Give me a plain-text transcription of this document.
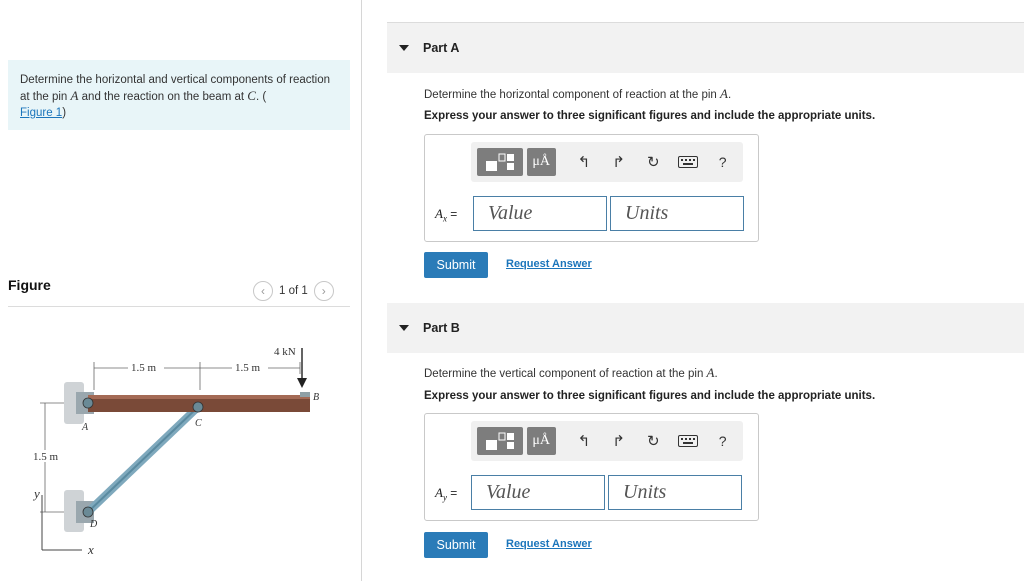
Determine the horizontal and vertical components of reaction at the pin A and the reaction on the beam at C. (
Figure 1)
Figure	‹	1 of 1	›
1.5 m	1.5 m
4 kN
A
B
C
D
1.5 m
y
x
Part A
Determine the horizontal component of reaction at the pin A.
Express your answer to three significant figures and include the appropriate units.
μÅ	↰	↱	↻	?
$A_x$ =	Value	Units
Submit	Request Answer
Part B
Determine the vertical component of reaction at the pin A.
Express your answer to three significant figures and include the appropriate units.
μÅ	↰	↱	↻	?
$A_y$ =	Value	Units
Submit	Request Answer
